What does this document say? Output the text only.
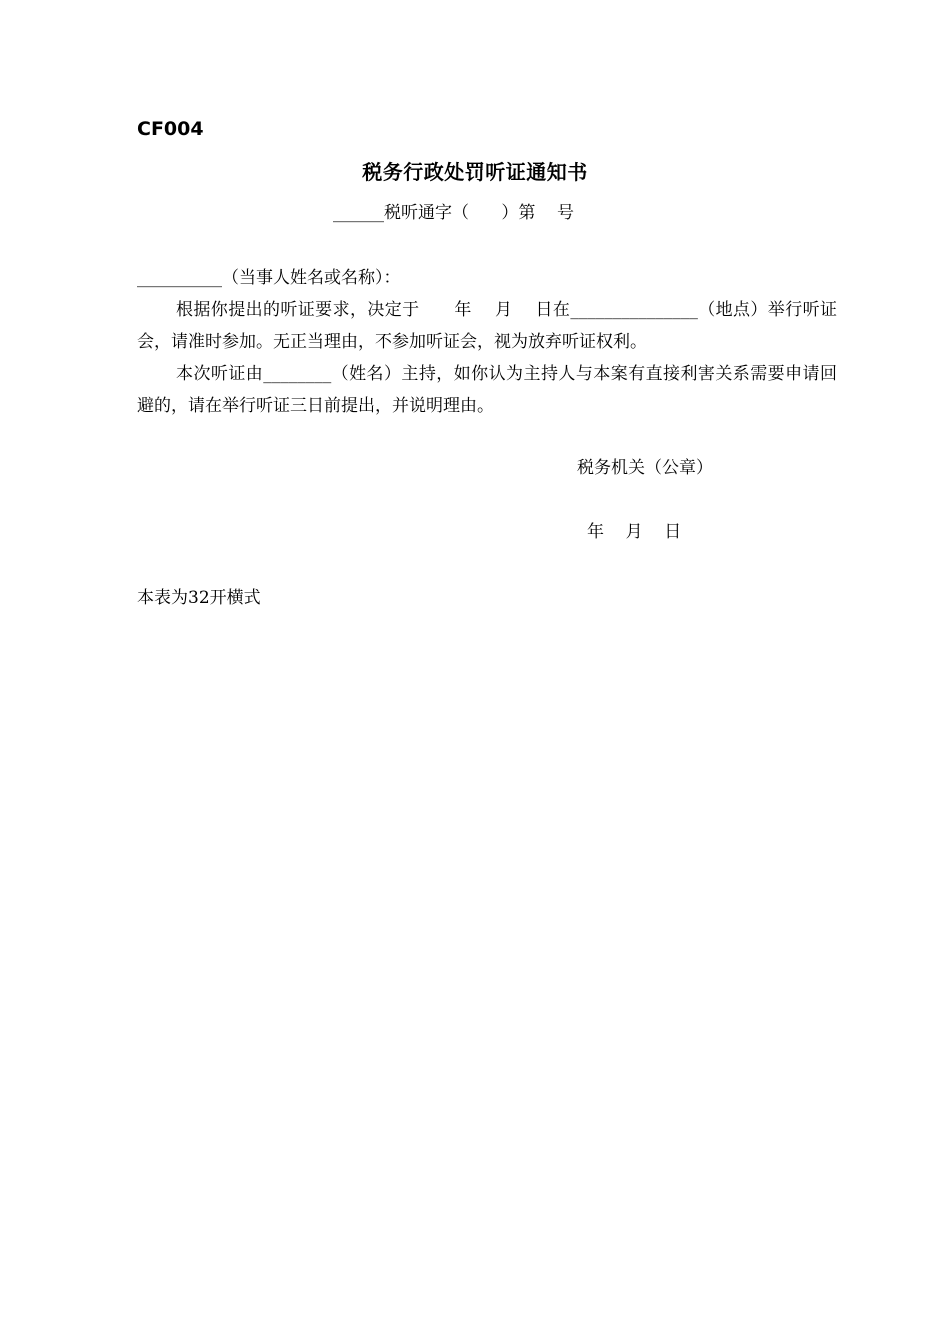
CF004
税务行政处罚听证通知书
______税听通字（      ）第    号
__________（当事人姓名或名称）：

根据你提出的听证要求，决定于      年    月    日在_______________（地点）举行听证会，请准时参加。无正当理由，不参加听证会，视为放弃听证权利。

本次听证由________（姓名）主持，如你认为主持人与本案有直接利害关系需要申请回避的，请在举行听证三日前提出，并说明理由。

税务机关（公章）
年    月    日
本表为32开横式
